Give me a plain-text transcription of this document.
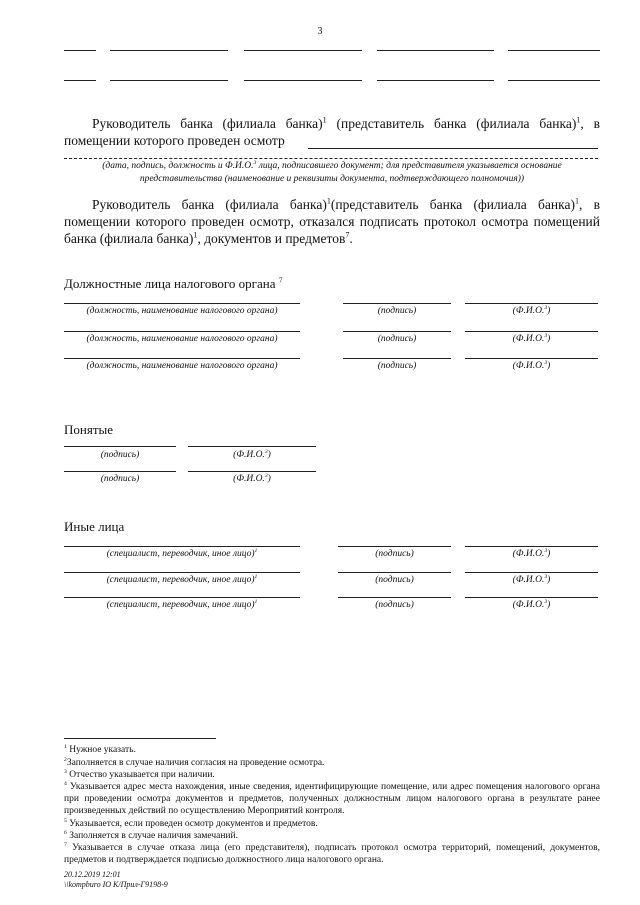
3
Руководитель банка (филиала банка)$^1$ (представитель банка (филиала банка)$^1$, в помещении которого проведен осмотр
(дата, подпись, должность и Ф.И.О.$^3$ лица, подписавшего документ; для представителя указывается основание
представительства (наименование и реквизиты документа, подтверждающего полномочия))
Руководитель банка (филиала банка)$^1$(представитель банка (филиала банка)$^1$, в помещении которого проведен осмотр, отказался подписать протокол осмотра помещений банка (филиала банка)$^1$, документов и предметов$^7$.
Должностные лица налогового органа $^7$
(должность, наименование налогового органа)	(подпись)	(Ф.И.О.$^3$)
(должность, наименование налогового органа)	(подпись)	(Ф.И.О.$^3$)
(должность, наименование налогового органа)	(подпись)	(Ф.И.О.$^3$)
Понятые
(подпись)	(Ф.И.О.$^3$)
(подпись)	(Ф.И.О.$^3$)
Иные лица
(специалист, переводчик, иное лицо)$^1$	(подпись)	(Ф.И.О.$^3$)
(специалист, переводчик, иное лицо)$^1$	(подпись)	(Ф.И.О.$^3$)
(специалист, переводчик, иное лицо)$^1$	(подпись)	(Ф.И.О.$^3$)
$^1$ Нужное указать.
$^2$Заполняется в случае наличия согласия на проведение осмотра.
$^3$ Отчество указывается при наличии.
$^4$ Указывается адрес места нахождения, иные сведения, идентифицирующие помещение, или адрес помещения налогового органа при проведении осмотра документов и предметов, полученных должностным лицом налогового органа в результате ранее произведенных действий по осуществлению Мероприятий контроля.
$^5$ Указывается, если проведен осмотр документов и предметов.
$^6$ Заполняется в случае наличия замечаний.
$^7$ Указывается в случае отказа лица (его представителя), подписать протокол осмотра территорий, помещений, документов, предметов и подтверждается подписью должностного лица налогового органа.
20.12.2019 12:01
\\kompburo IO K/Прил-Г9198-9
